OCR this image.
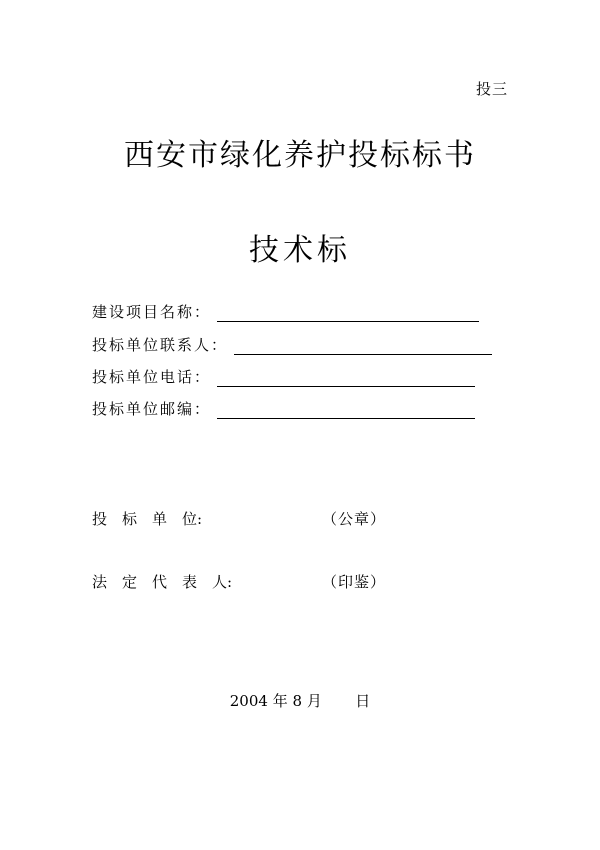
投三
西安市绿化养护投标标书
技术标
建设项目名称：
投标单位联系人：
投标单位电话：
投标单位邮编：
投　标　单　位:	（公章）
法　定　代　表　人:	（印鉴）
2004 年 8 月 日
